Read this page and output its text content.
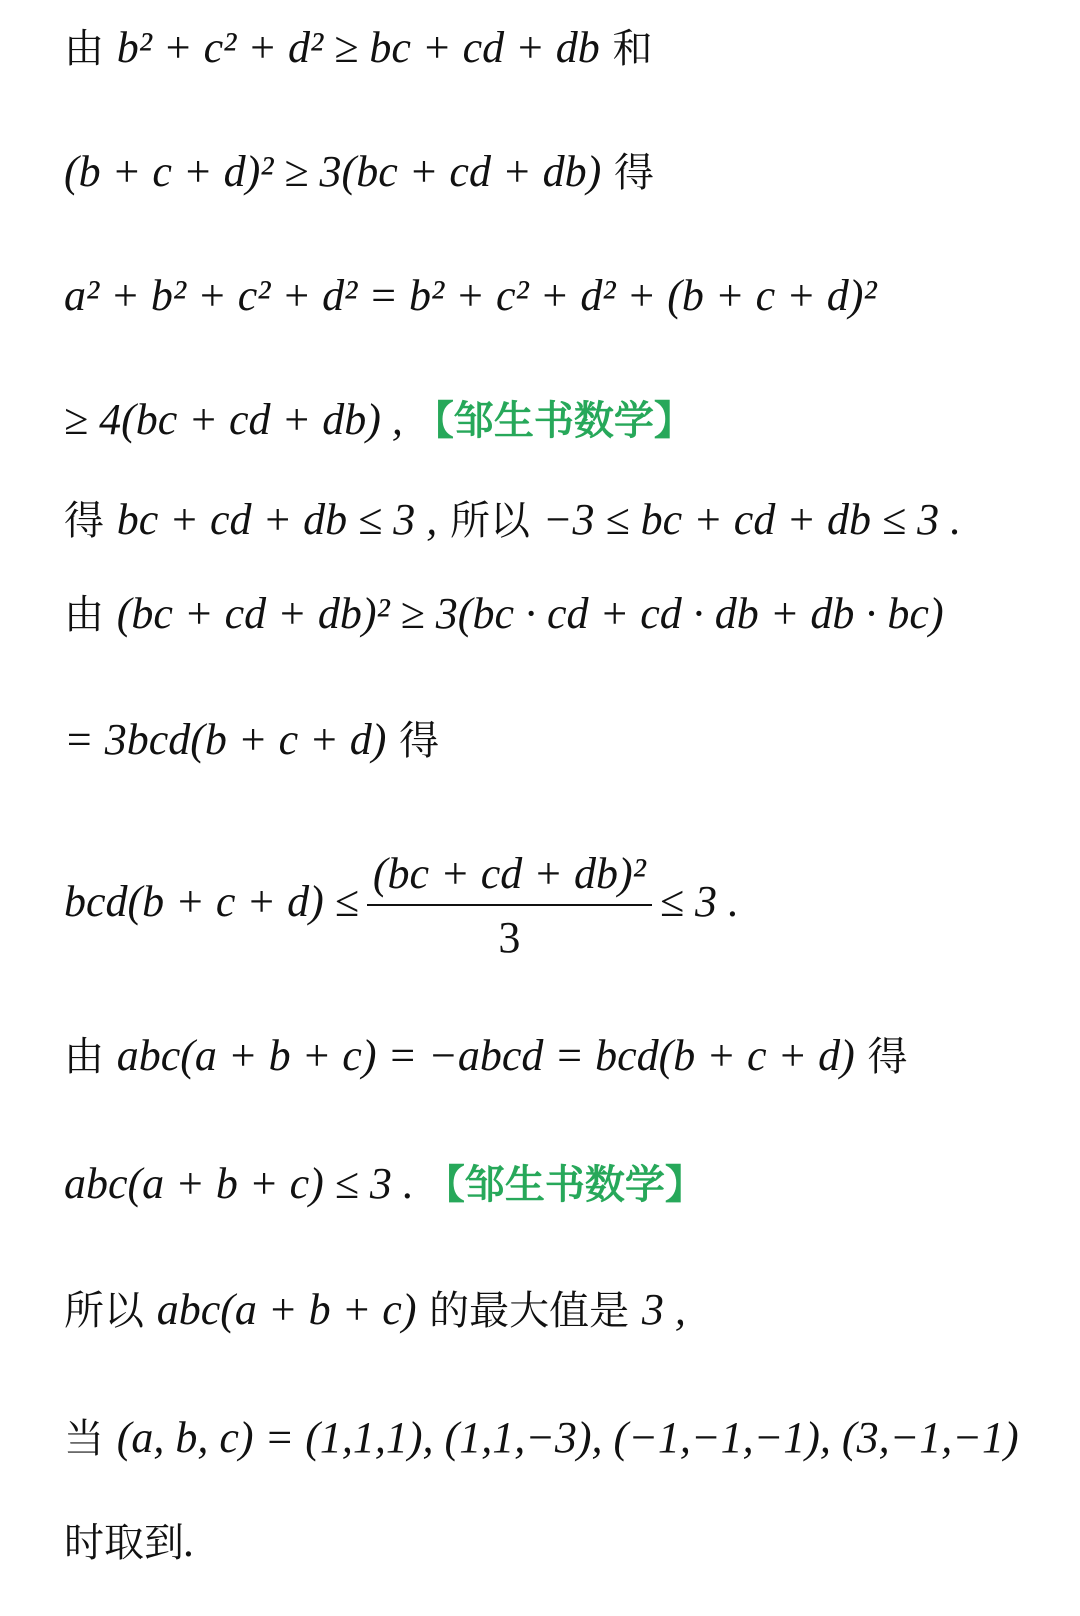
由 b² + c² + d² ≥ bc + cd + db 和
(b + c + d)² ≥ 3(bc + cd + db) 得
a² + b² + c² + d² = b² + c² + d² + (b + c + d)²
≥ 4(bc + cd + db) , 【邹生书数学】
得 bc + cd + db ≤ 3 , 所以 −3 ≤ bc + cd + db ≤ 3 .
由 (bc + cd + db)² ≥ 3(bc · cd + cd · db + db · bc)
= 3bcd(b + c + d) 得
$bcd(b + c + d) \le \frac{\text{(bc + cd + db)²}}{3} \le 3$ .
由 abc(a + b + c) = −abcd = bcd(b + c + d) 得
abc(a + b + c) ≤ 3 . 【邹生书数学】
所以 abc(a + b + c) 的最大值是 3 ,
当 (a, b, c) = (1,1,1), (1,1,−3), (−1,−1,−1), (3,−1,−1)
时取到.
